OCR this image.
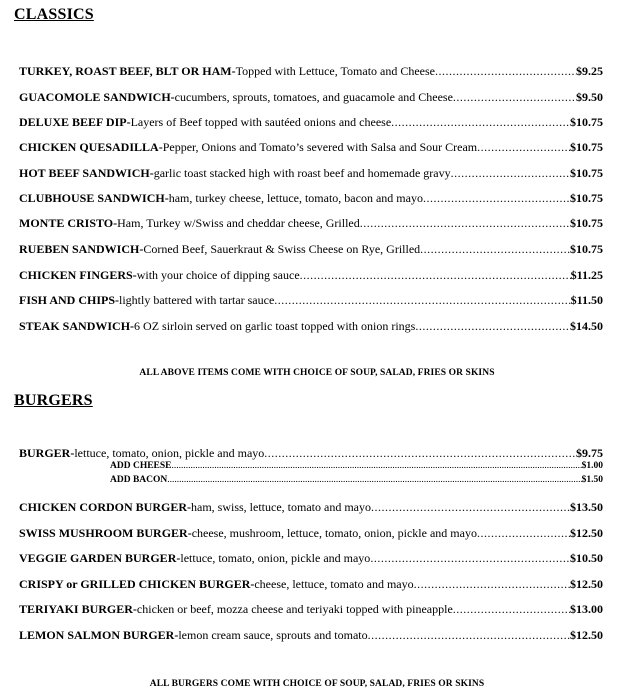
CLASSICS
TURKEY, ROAST BEEF, BLT OR HAM- Topped with Lettuce, Tomato and Cheese .....	$9.25
GUACOMOLE SANDWICH- cucumbers, sprouts, tomatoes, and guacamole and Cheese .....	$9.50
DELUXE BEEF DIP- Layers of Beef topped with sautéed onions and cheese .....	$10.75
CHICKEN QUESADILLA- Pepper, Onions and Tomato’s severed with Salsa and Sour Cream .....	$10.75
HOT BEEF SANDWICH- garlic toast stacked high with roast beef and homemade gravy .....	$10.75
CLUBHOUSE SANDWICH- ham, turkey cheese, lettuce, tomato, bacon and mayo .....	$10.75
MONTE CRISTO- Ham, Turkey w/Swiss and cheddar cheese, Grilled .....	$10.75
RUEBEN SANDWICH- Corned Beef, Sauerkraut & Swiss Cheese on Rye, Grilled .....	$10.75
CHICKEN FINGERS- with your choice of dipping sauce .....	$11.25
FISH AND CHIPS- lightly battered with tartar sauce .....	$11.50
STEAK SANDWICH- 6 OZ sirloin served on garlic toast topped with onion rings .....	$14.50
ALL ABOVE ITEMS COME WITH CHOICE OF SOUP, SALAD, FRIES OR SKINS
BURGERS
BURGER- lettuce, tomato, onion, pickle and mayo .....	$9.75
ADD CHEESE .....	$1.00
ADD BACON .....	$1.50
CHICKEN CORDON BURGER- ham, swiss, lettuce, tomato and mayo .....	$13.50
SWISS MUSHROOM BURGER- cheese, mushroom, lettuce, tomato, onion, pickle and mayo .....	$12.50
VEGGIE GARDEN BURGER- lettuce, tomato, onion, pickle and mayo .....	$10.50
CRISPY or GRILLED CHICKEN BURGER- cheese, lettuce, tomato and mayo .....	$12.50
TERIYAKI BURGER- chicken or beef, mozza cheese and teriyaki topped with pineapple .....	$13.00
LEMON SALMON BURGER- lemon cream sauce, sprouts and tomato .....	$12.50
ALL BURGERS COME WITH CHOICE OF SOUP, SALAD, FRIES OR SKINS
